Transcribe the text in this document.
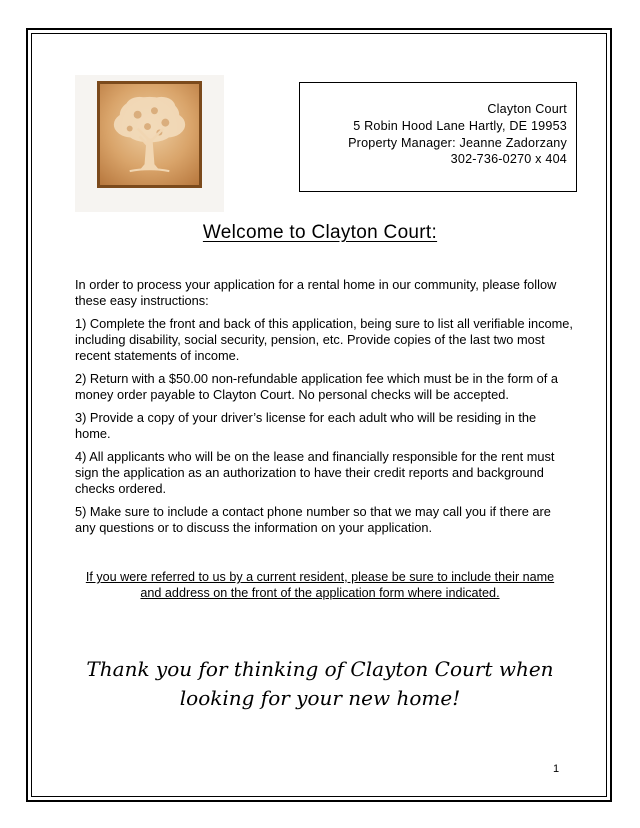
Clayton Court
5 Robin Hood Lane Hartly, DE 19953
Property Manager: Jeanne Zadorzany
302-736-0270 x 404
Welcome to Clayton Court:

In order to process your application for a rental home in our community, please follow these easy instructions:

1) Complete the front and back of this application, being sure to list all verifiable income, including disability, social security, pension, etc. Provide copies of the last two most recent statements of income.

2) Return with a $50.00 non-refundable application fee which must be in the form of a money order payable to Clayton Court. No personal checks will be accepted.

3) Provide a copy of your driver’s license for each adult who will be residing in the home.

4) All applicants who will be on the lease and financially responsible for the rent must sign the application as an authorization to have their credit reports and background checks ordered.

5) Make sure to include a contact phone number so that we may call you if there are any questions or to discuss the information on your application.

If you were referred to us by a current resident, please be sure to include their name and address on the front of the application form where indicated.
Thank you for thinking of Clayton Court when looking for your new home!
1
